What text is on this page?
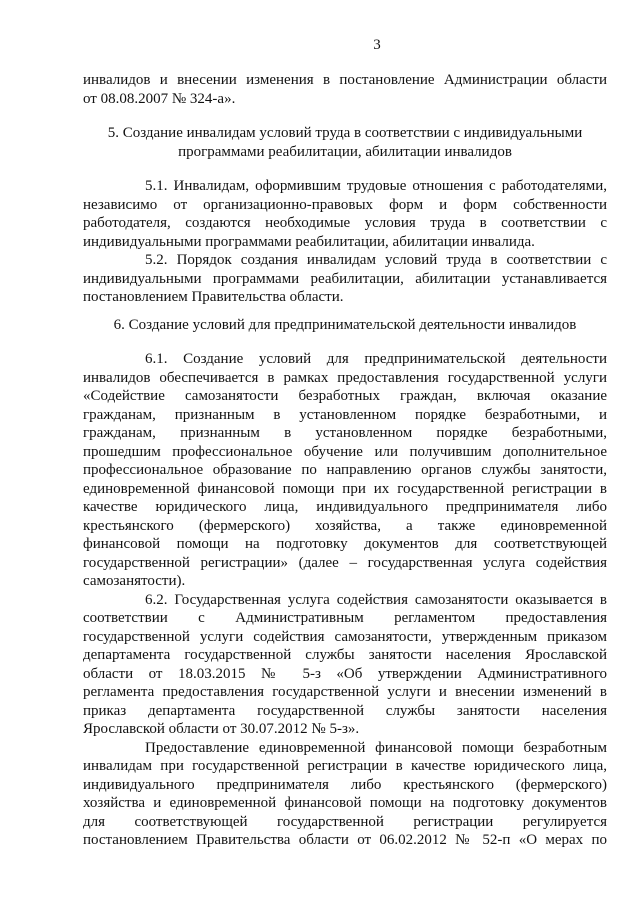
3
инвалидов и внесении изменения в постановление Администрации области
от 08.08.2007 № 324-а».
5. Создание инвалидам условий труда в соответствии с индивидуальными
программами реабилитации, абилитации инвалидов
5.1. Инвалидам, оформившим трудовые отношения с работодателями,
независимо от организационно-правовых форм и форм собственности
работодателя, создаются необходимые условия труда в соответствии с
индивидуальными программами реабилитации, абилитации инвалида.
5.2. Порядок создания инвалидам условий труда в соответствии с
индивидуальными программами реабилитации, абилитации устанавливается
постановлением Правительства области.
6. Создание условий для предпринимательской деятельности инвалидов
6.1. Создание условий для предпринимательской деятельности
инвалидов обеспечивается в рамках предоставления государственной услуги
«Содействие самозанятости безработных граждан, включая оказание
гражданам, признанным в установленном порядке безработными, и
гражданам, признанным в установленном порядке безработными,
прошедшим профессиональное обучение или получившим дополнительное
профессиональное образование по направлению органов службы занятости,
единовременной финансовой помощи при их государственной регистрации в
качестве юридического лица, индивидуального предпринимателя либо
крестьянского (фермерского) хозяйства, а также единовременной
финансовой помощи на подготовку документов для соответствующей
государственной регистрации» (далее – государственная услуга содействия
самозанятости).
6.2. Государственная услуга содействия самозанятости оказывается в
соответствии с Административным регламентом предоставления
государственной услуги содействия самозанятости, утвержденным приказом
департамента государственной службы занятости населения Ярославской
области от 18.03.2015 № 5-з «Об утверждении Административного
регламента предоставления государственной услуги и внесении изменений в
приказ департамента государственной службы занятости населения
Ярославской области от 30.07.2012 № 5-з».
Предоставление единовременной финансовой помощи безработным
инвалидам при государственной регистрации в качестве юридического лица,
индивидуального предпринимателя либо крестьянского (фермерского)
хозяйства и единовременной финансовой помощи на подготовку документов
для соответствующей государственной регистрации регулируется
постановлением Правительства области от 06.02.2012 № 52-п «О мерах по
